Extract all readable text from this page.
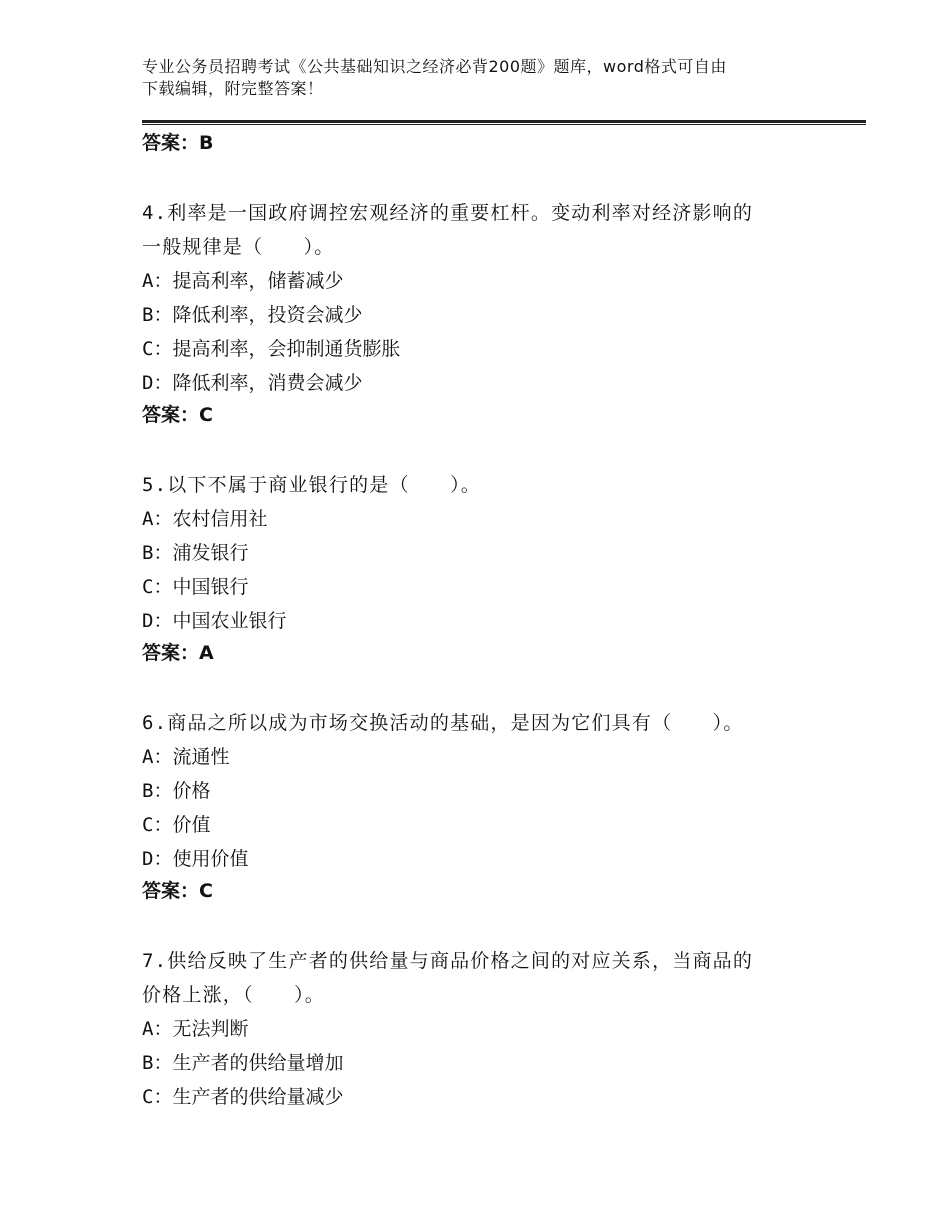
专业公务员招聘考试《公共基础知识之经济必背200题》题库，word格式可自由
下载编辑，附完整答案！
答案：B
4.利率是一国政府调控宏观经济的重要杠杆。变动利率对经济影响的
一般规律是（　　）。
A：提高利率，储蓄减少
B：降低利率，投资会减少
C：提高利率，会抑制通货膨胀
D：降低利率，消费会减少
答案：C
5.以下不属于商业银行的是（　　）。
A：农村信用社
B：浦发银行
C：中国银行
D：中国农业银行
答案：A
6.商品之所以成为市场交换活动的基础，是因为它们具有（　　）。
A：流通性
B：价格
C：价值
D：使用价值
答案：C
7.供给反映了生产者的供给量与商品价格之间的对应关系，当商品的
价格上涨，（　　）。
A：无法判断
B：生产者的供给量增加
C：生产者的供给量减少
